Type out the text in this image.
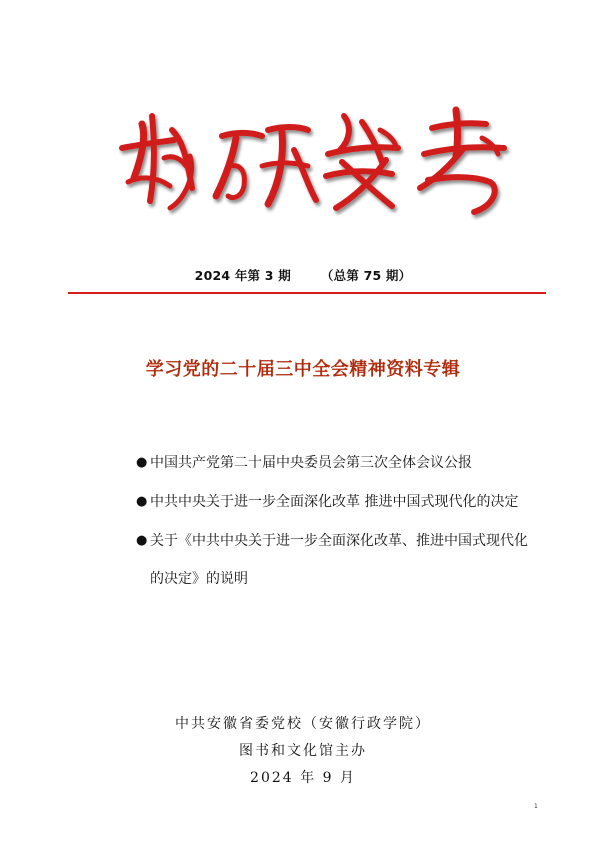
2024 年第 3 期 （总第 75 期）
学习党的二十届三中全会精神资料专辑
● 中国共产党第二十届中央委员会第三次全体会议公报
● 中共中央关于进一步全面深化改革 推进中国式现代化的决定
● 关于《中共中央关于进一步全面深化改革、推进中国式现代化
的决定》的说明
中共安徽省委党校（安徽行政学院）
图书和文化馆主办
2024 年 9 月
1
